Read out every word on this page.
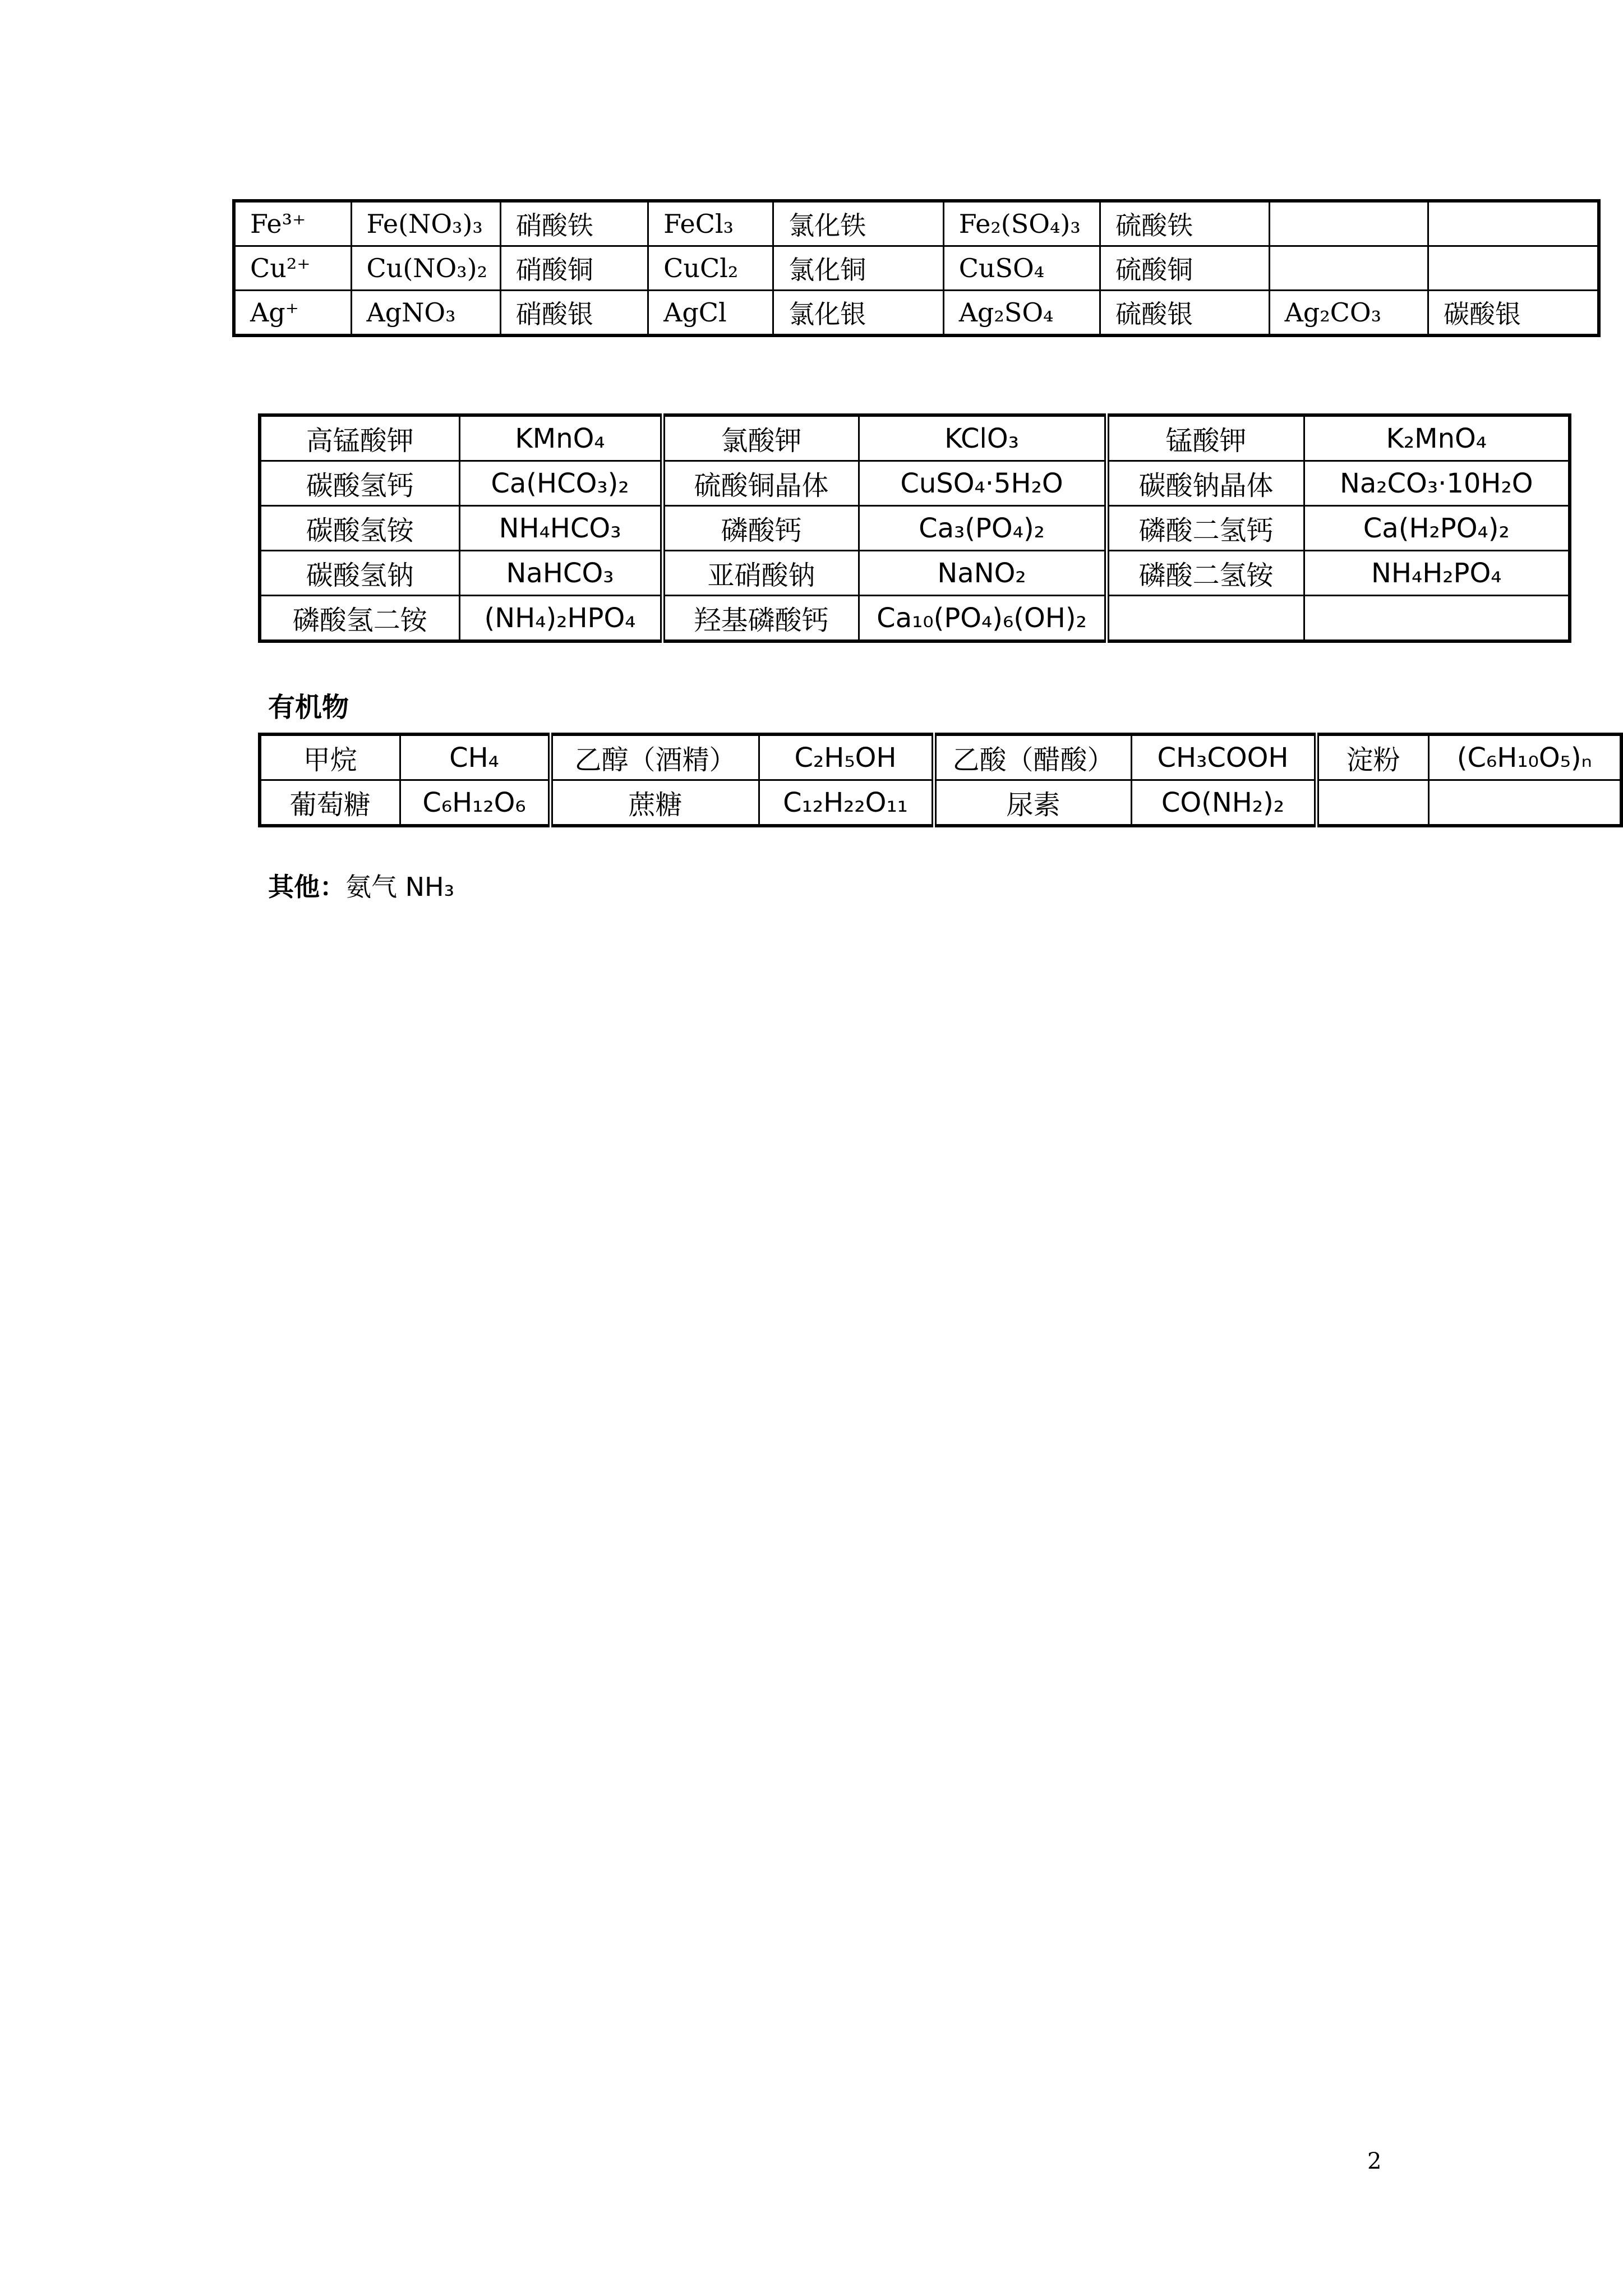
Fe³⁺	Fe(NO₃)₃	硝酸铁	FeCl₃	氯化铁	Fe₂(SO₄)₃	硫酸铁		
Cu²⁺	Cu(NO₃)₂	硝酸铜	CuCl₂	氯化铜	CuSO₄	硫酸铜		
Ag⁺	AgNO₃	硝酸银	AgCl	氯化银	Ag₂SO₄	硫酸银	Ag₂CO₃	碳酸银
高锰酸钾	KMnO₄	氯酸钾	KClO₃	锰酸钾	K₂MnO₄
碳酸氢钙	Ca(HCO₃)₂	硫酸铜晶体	CuSO₄·5H₂O	碳酸钠晶体	Na₂CO₃·10H₂O
碳酸氢铵	NH₄HCO₃	磷酸钙	Ca₃(PO₄)₂	磷酸二氢钙	Ca(H₂PO₄)₂
碳酸氢钠	NaHCO₃	亚硝酸钠	NaNO₂	磷酸二氢铵	NH₄H₂PO₄
磷酸氢二铵	(NH₄)₂HPO₄	羟基磷酸钙	Ca₁₀(PO₄)₆(OH)₂		
有机物
甲烷	CH₄	乙醇（酒精）	C₂H₅OH	乙酸（醋酸）	CH₃COOH	淀粉	(C₆H₁₀O₅)ₙ
葡萄糖	C₆H₁₂O₆	蔗糖	C₁₂H₂₂O₁₁	尿素	CO(NH₂)₂		
其他：氨气 NH₃
2
